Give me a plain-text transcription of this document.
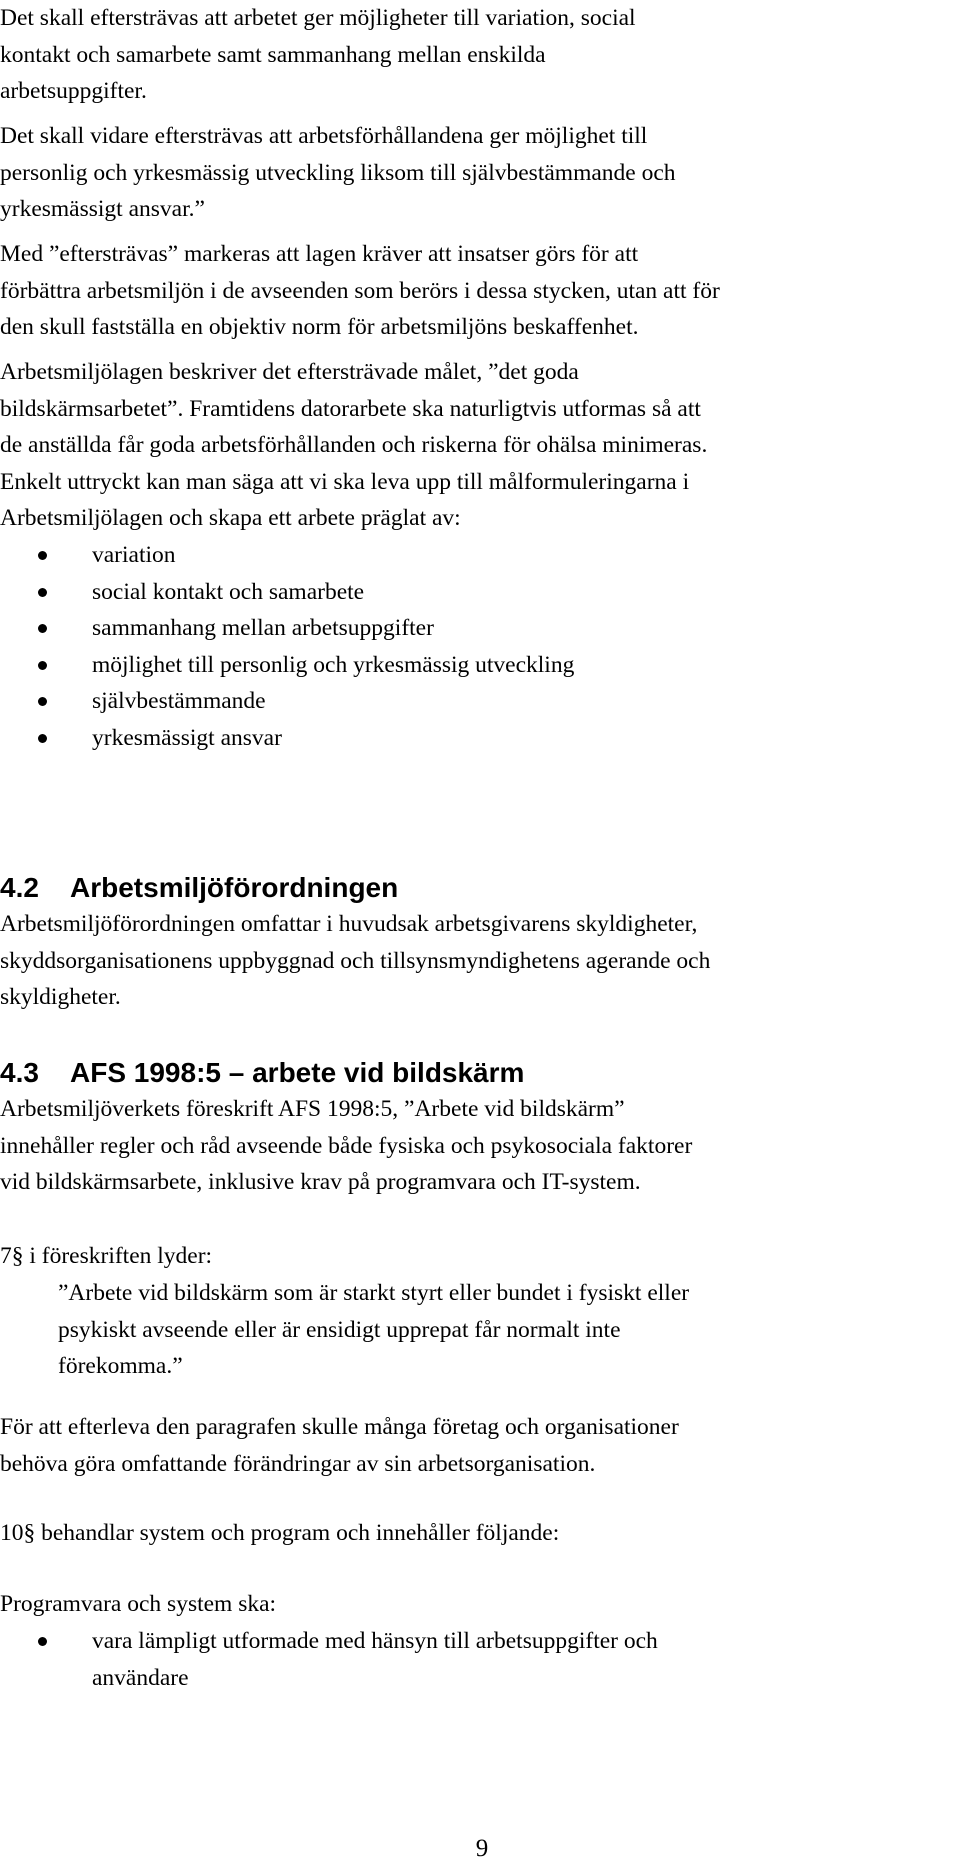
Det skall eftersträvas att arbetet ger möjligheter till variation, social
kontakt och samarbete samt sammanhang mellan enskilda
arbetsuppgifter.
Det skall vidare eftersträvas att arbetsförhållandena ger möjlighet till
personlig och yrkesmässig utveckling liksom till självbestämmande och
yrkesmässigt ansvar.”
Med ”eftersträvas” markeras att lagen kräver att insatser görs för att
förbättra arbetsmiljön i de avseenden som berörs i dessa stycken, utan att för
den skull fastställa en objektiv norm för arbetsmiljöns beskaffenhet.
Arbetsmiljölagen beskriver det eftersträvade målet, ”det goda
bildskärmsarbetet”. Framtidens datorarbete ska naturligtvis utformas så att
de anställda får goda arbetsförhållanden och riskerna för ohälsa minimeras.
Enkelt uttryckt kan man säga att vi ska leva upp till målformuleringarna i
Arbetsmiljölagen och skapa ett arbete präglat av:
variation
social kontakt och samarbete
sammanhang mellan arbetsuppgifter
möjlighet till personlig och yrkesmässig utveckling
självbestämmande
yrkesmässigt ansvar
4.2 Arbetsmiljöförordningen
Arbetsmiljöförordningen omfattar i huvudsak arbetsgivarens skyldigheter,
skyddsorganisationens uppbyggnad och tillsynsmyndighetens agerande och
skyldigheter.
4.3 AFS 1998:5 – arbete vid bildskärm
Arbetsmiljöverkets föreskrift AFS 1998:5, ”Arbete vid bildskärm”
innehåller regler och råd avseende både fysiska och psykosociala faktorer
vid bildskärmsarbete, inklusive krav på programvara och IT-system.
7§ i föreskriften lyder:
”Arbete vid bildskärm som är starkt styrt eller bundet i fysiskt eller
psykiskt avseende eller är ensidigt upprepat får normalt inte
förekomma.”
För att efterleva den paragrafen skulle många företag och organisationer
behöva göra omfattande förändringar av sin arbetsorganisation.
10§ behandlar system och program och innehåller följande:
Programvara och system ska:
vara lämpligt utformade med hänsyn till arbetsuppgifter och
användare
9
